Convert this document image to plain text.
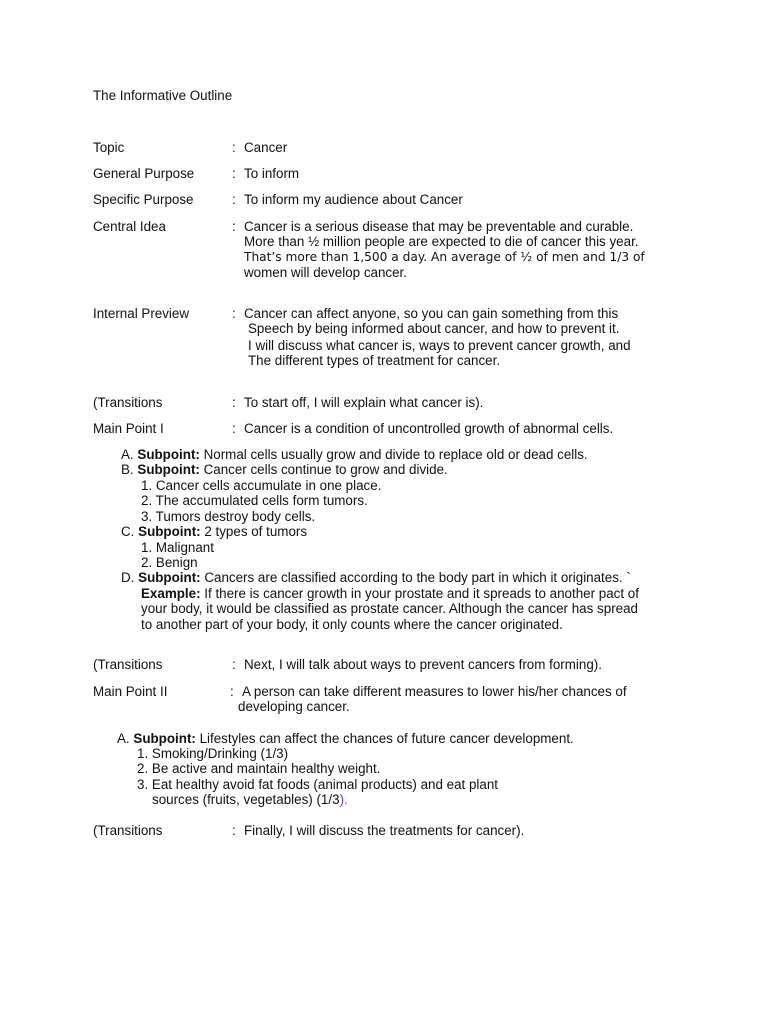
The Informative Outline
Topic	: Cancer
General Purpose	: To inform
Specific Purpose	: To inform my audience about Cancer
Central Idea	: Cancer is a serious disease that may be preventable and curable.
More than ½ million people are expected to die of cancer this year.
That’s more than 1,500 a day. An average of ½ of men and 1/3 of
women will develop cancer.
Internal Preview	: Cancer can affect anyone, so you can gain something from this
Speech by being informed about cancer, and how to prevent it.
I will discuss what cancer is, ways to prevent cancer growth, and
The different types of treatment for cancer.
(Transitions	: To start off, I will explain what cancer is).
Main Point I	: Cancer is a condition of uncontrolled growth of abnormal cells.
A. Subpoint: Normal cells usually grow and divide to replace old or dead cells.
B. Subpoint: Cancer cells continue to grow and divide.
1. Cancer cells accumulate in one place.
2. The accumulated cells form tumors.
3. Tumors destroy body cells.
C. Subpoint: 2 types of tumors
1. Malignant
2. Benign
D. Subpoint: Cancers are classified according to the body part in which it originates. `
Example: If there is cancer growth in your prostate and it spreads to another pact of
your body, it would be classified as prostate cancer. Although the cancer has spread
to another part of your body, it only counts where the cancer originated.
(Transitions	: Next, I will talk about ways to prevent cancers from forming).
Main Point II	: A person can take different measures to lower his/her chances of
developing cancer.
A. Subpoint: Lifestyles can affect the chances of future cancer development.
1. Smoking/Drinking (1/3)
2. Be active and maintain healthy weight.
3. Eat healthy avoid fat foods (animal products) and eat plant
sources (fruits, vegetables) (1/3).
(Transitions	: Finally, I will discuss the treatments for cancer).
